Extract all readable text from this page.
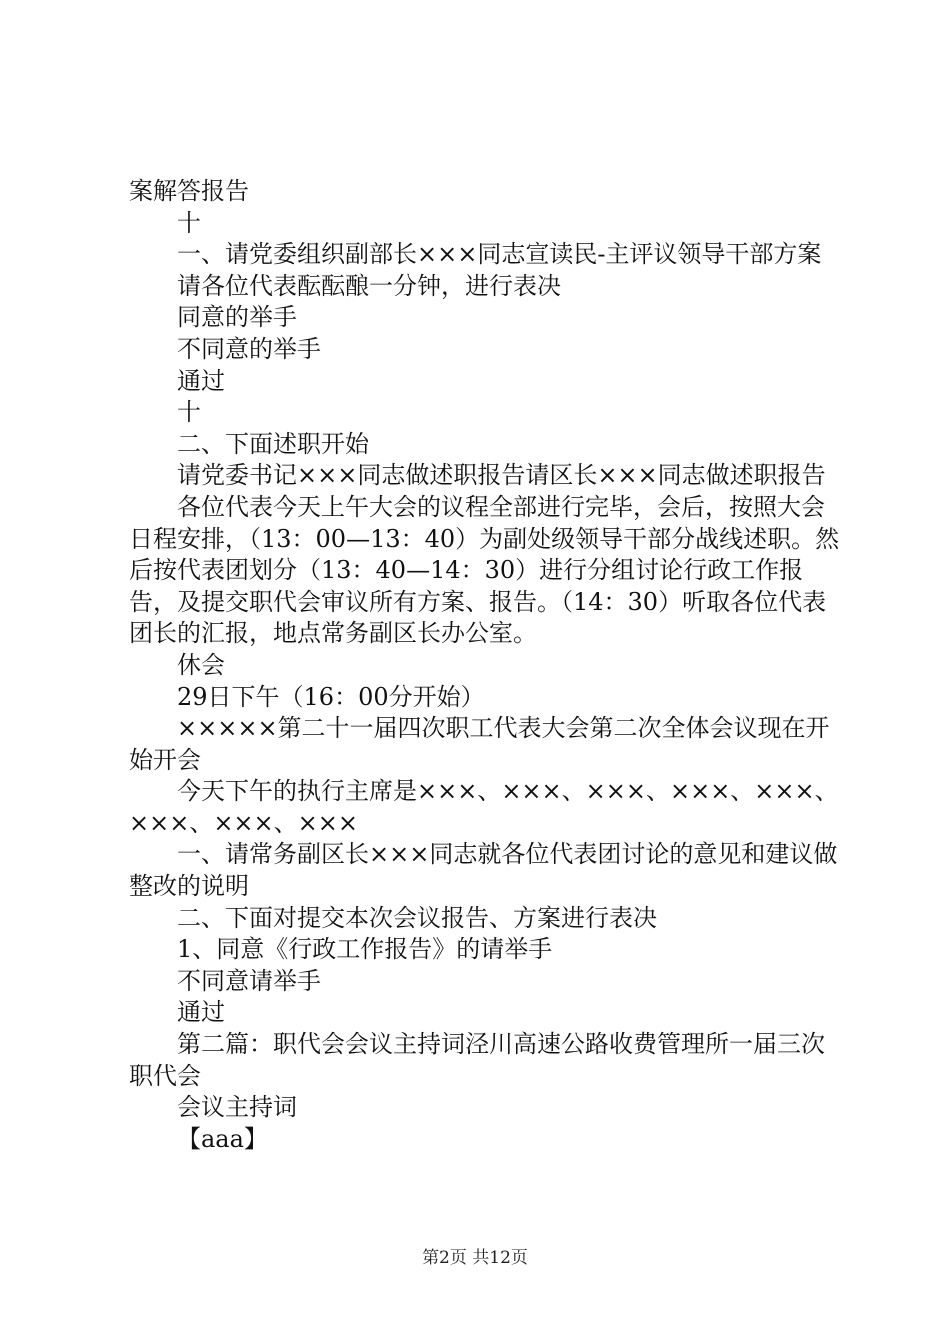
案解答报告

十

一、请党委组织副部长×××同志宣读民-主评议领导干部方案

请各位代表酝酝酿一分钟，进行表决

同意的举手

不同意的举手

通过

十

二、下面述职开始

请党委书记×××同志做述职报告请区长×××同志做述职报告

各位代表今天上午大会的议程全部进行完毕，会后，按照大会日程安排，（13：00—13：40）为副处级领导干部分战线述职。然后按代表团划分（13：40—14：30）进行分组讨论行政工作报告，及提交职代会审议所有方案、报告。（14：30）听取各位代表团长的汇报，地点常务副区长办公室。

休会

29日下午（16：00分开始）

×××××第二十一届四次职工代表大会第二次全体会议现在开始开会

今天下午的执行主席是×××、×××、×××、×××、×××、×××、×××、×××

一、请常务副区长×××同志就各位代表团讨论的意见和建议做整改的说明

二、下面对提交本次会议报告、方案进行表决

1、同意《行政工作报告》的请举手

不同意请举手

通过

第二篇：职代会会议主持词泾川高速公路收费管理所一届三次职代会

会议主持词

【aaa】

第2页 共12页
